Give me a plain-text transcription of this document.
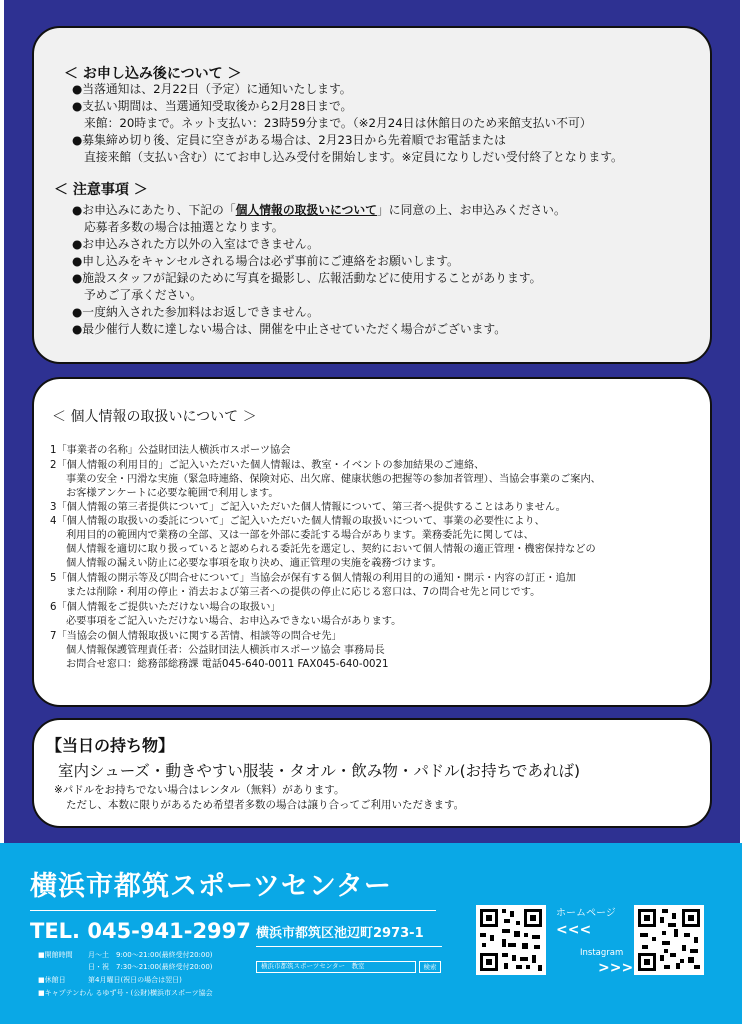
＜ お申し込み後について ＞
●当落通知は、2月22日（予定）に通知いたします。
●支払い期間は、当選通知受取後から2月28日まで。
来館：20時まで。ネット支払い：23時59分まで。（※2月24日は休館日のため来館支払い不可）
●募集締め切り後、定員に空きがある場合は、2月23日から先着順でお電話または
直接来館（支払い含む）にてお申し込み受付を開始します。※定員になりしだい受付終了となります。
＜ 注意事項 ＞
●お申込みにあたり、下記の「個人情報の取扱いについて」に同意の上、お申込みください。
応募者多数の場合は抽選となります。
●お申込みされた方以外の入室はできません。
●申し込みをキャンセルされる場合は必ず事前にご連絡をお願いします。
●施設スタッフが記録のために写真を撮影し、広報活動などに使用することがあります。
予めご了承ください。
●一度納入された参加料はお返しできません。
●最少催行人数に達しない場合は、開催を中止させていただく場合がございます。
＜ 個人情報の取扱いについて ＞
1「事業者の名称」公益財団法人横浜市スポーツ協会
2「個人情報の利用目的」ご記入いただいた個人情報は、教室・イベントの参加結果のご連絡、
事業の安全・円滑な実施（緊急時連絡、保険対応、出欠席、健康状態の把握等の参加者管理）、当協会事業のご案内、
お客様アンケートに必要な範囲で利用します。
3「個人情報の第三者提供について」ご記入いただいた個人情報について、第三者へ提供することはありません。
4「個人情報の取扱いの委託について」ご記入いただいた個人情報の取扱いについて、事業の必要性により、
利用目的の範囲内で業務の全部、又は一部を外部に委託する場合があります。業務委託先に関しては、
個人情報を適切に取り扱っていると認められる委託先を選定し、契約において個人情報の適正管理・機密保持などの
個人情報の漏えい防止に必要な事項を取り決め、適正管理の実施を義務づけます。
5「個人情報の開示等及び問合せについて」当協会が保有する個人情報の利用目的の通知・開示・内容の訂正・追加
または削除・利用の停止・消去および第三者への提供の停止に応じる窓口は、7の問合せ先と同じです。
6「個人情報をご提供いただけない場合の取扱い」
必要事項をご記入いただけない場合、お申込みできない場合があります。
7「当協会の個人情報取扱いに関する苦情、相談等の問合せ先」
個人情報保護管理責任者：公益財団法人横浜市スポーツ協会 事務局長
お問合せ窓口：総務部総務課 電話045-640-0011 FAX045-640-0021
【当日の持ち物】
室内シューズ・動きやすい服装・タオル・飲み物・パドル(お持ちであれば)
※パドルをお持ちでない場合はレンタル（無料）があります。
ただし、本数に限りがあるため希望者多数の場合は譲り合ってご利用いただきます。
横浜市都筑スポーツセンター
TEL. 045-941-2997 横浜市都筑区池辺町2973-1
■開館時間 月～土　9:00～21:00(最終受付20:00)
日・祝　7:30～21:00(最終受付20:00)
■休館日	第4月曜日(祝日の場合は翌日)
■キャプテンわん るゆず号・(公財)横浜市スポーツ協会
横浜市都筑スポーツセンター　教室	検索
ホームページ
<<<
Instagram
>>>
